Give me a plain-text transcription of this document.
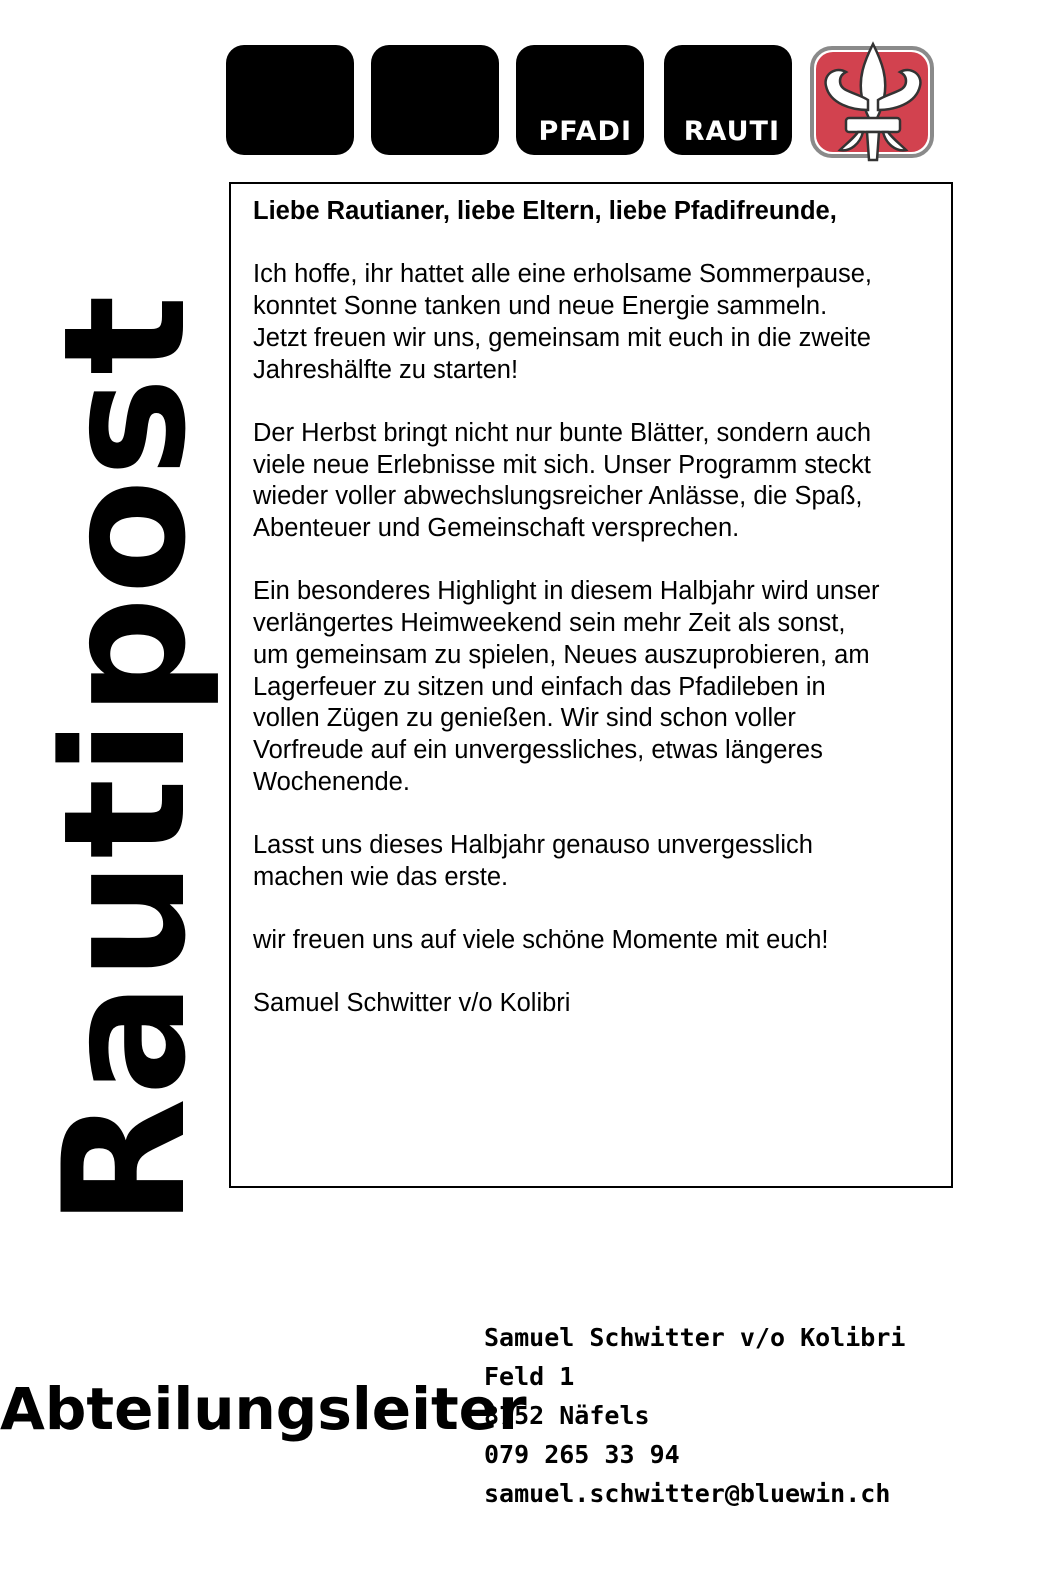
PFADI RAUTI
Rautipost

Liebe Rautianer, liebe Eltern, liebe Pfadifreunde,

Ich hoffe, ihr hattet alle eine erholsame Sommerpause,
konntet Sonne tanken und neue Energie sammeln.
Jetzt freuen wir uns, gemeinsam mit euch in die zweite
Jahreshälfte zu starten!

Der Herbst bringt nicht nur bunte Blätter, sondern auch
viele neue Erlebnisse mit sich. Unser Programm steckt
wieder voller abwechslungsreicher Anlässe, die Spaß,
Abenteuer und Gemeinschaft versprechen.

Ein besonderes Highlight in diesem Halbjahr wird unser
verlängertes Heimweekend sein mehr Zeit als sonst,
um gemeinsam zu spielen, Neues auszuprobieren, am
Lagerfeuer zu sitzen und einfach das Pfadileben in
vollen Zügen zu genießen. Wir sind schon voller
Vorfreude auf ein unvergessliches, etwas längeres
Wochenende.

Lasst uns dieses Halbjahr genauso unvergesslich
machen wie das erste.

wir freuen uns auf viele schöne Momente mit euch!

Samuel Schwitter v/o Kolibri

Abteilungsleiter
Samuel Schwitter v/o Kolibri
Feld 1
8752 Näfels
079 265 33 94
samuel.schwitter@bluewin.ch
